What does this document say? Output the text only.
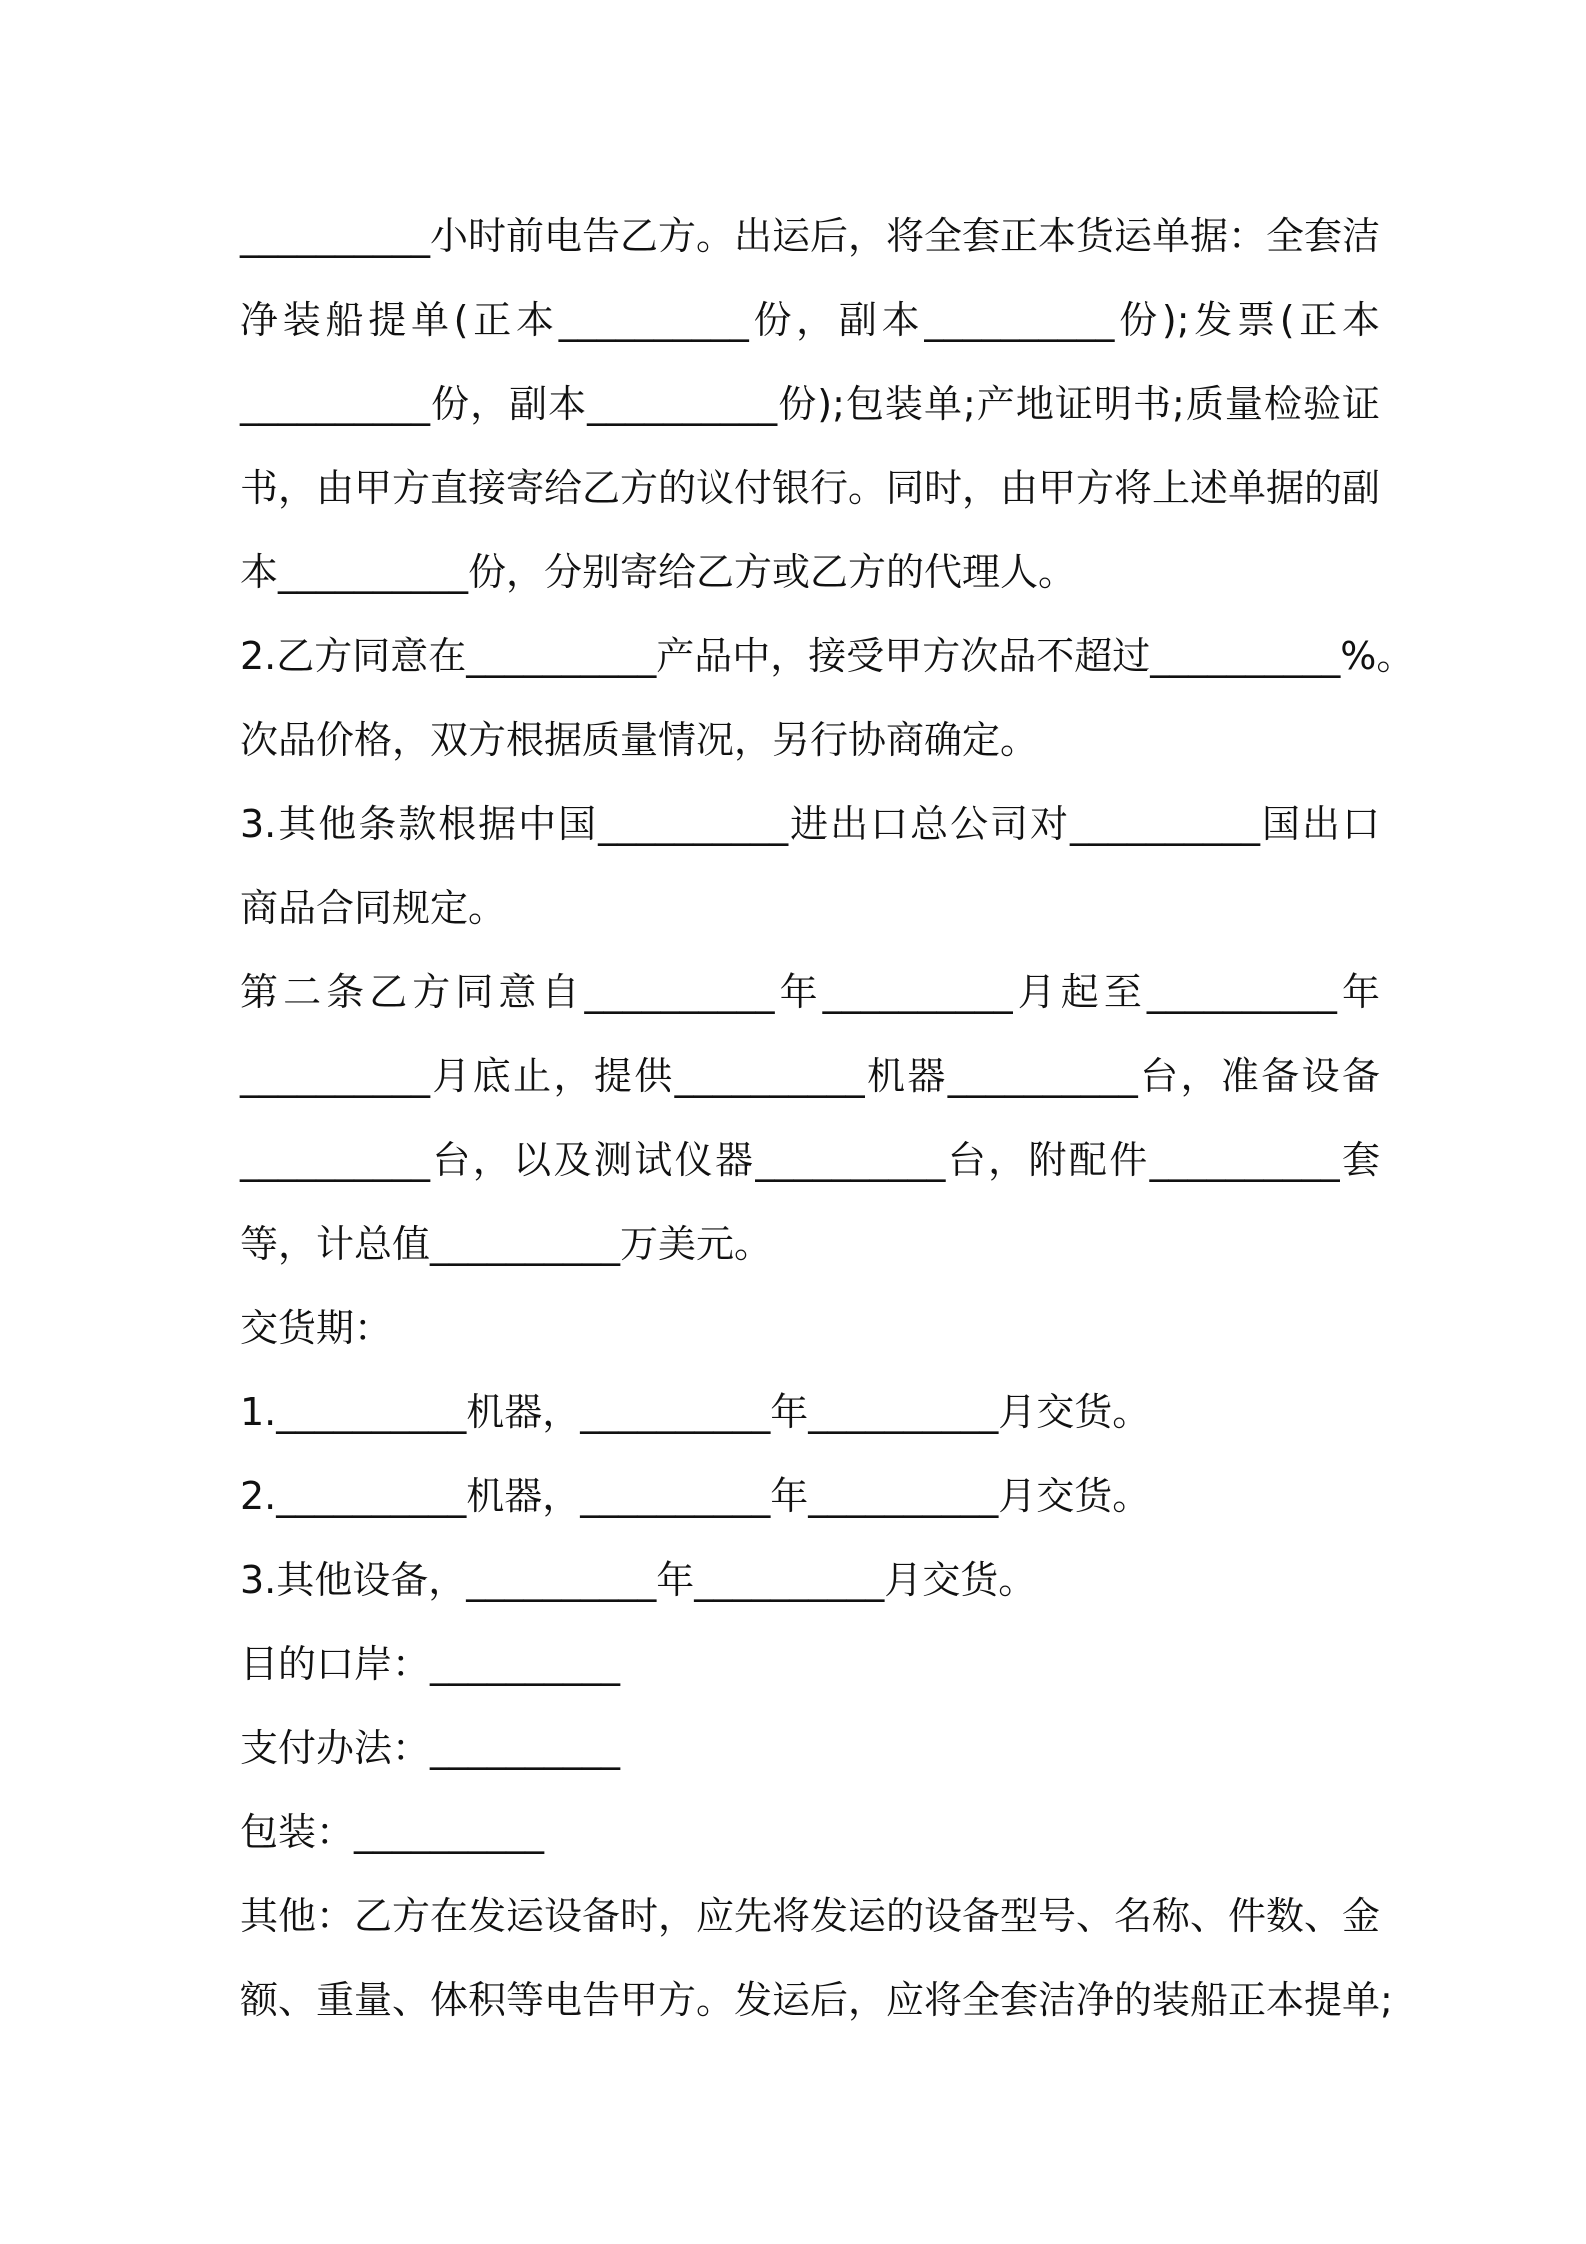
__________小时前电告乙方。出运后，将全套正本货运单据：全套洁
净装船提单(正本__________份，副本__________份);发票(正本
__________份，副本__________份);包装单;产地证明书;质量检验证
书，由甲方直接寄给乙方的议付银行。同时，由甲方将上述单据的副
本__________份，分别寄给乙方或乙方的代理人。
2.乙方同意在__________产品中，接受甲方次品不超过__________%。
次品价格，双方根据质量情况，另行协商确定。
3.其他条款根据中国__________进出口总公司对__________国出口
商品合同规定。
第二条乙方同意自__________年__________月起至__________年
__________月底止，提供__________机器__________台，准备设备
__________台，以及测试仪器__________台，附配件__________套
等，计总值__________万美元。
交货期：
1.__________机器，__________年__________月交货。
2.__________机器，__________年__________月交货。
3.其他设备，__________年__________月交货。
目的口岸：__________
支付办法：__________
包装：__________
其他：乙方在发运设备时，应先将发运的设备型号、名称、件数、金
额、重量、体积等电告甲方。发运后，应将全套洁净的装船正本提单;
